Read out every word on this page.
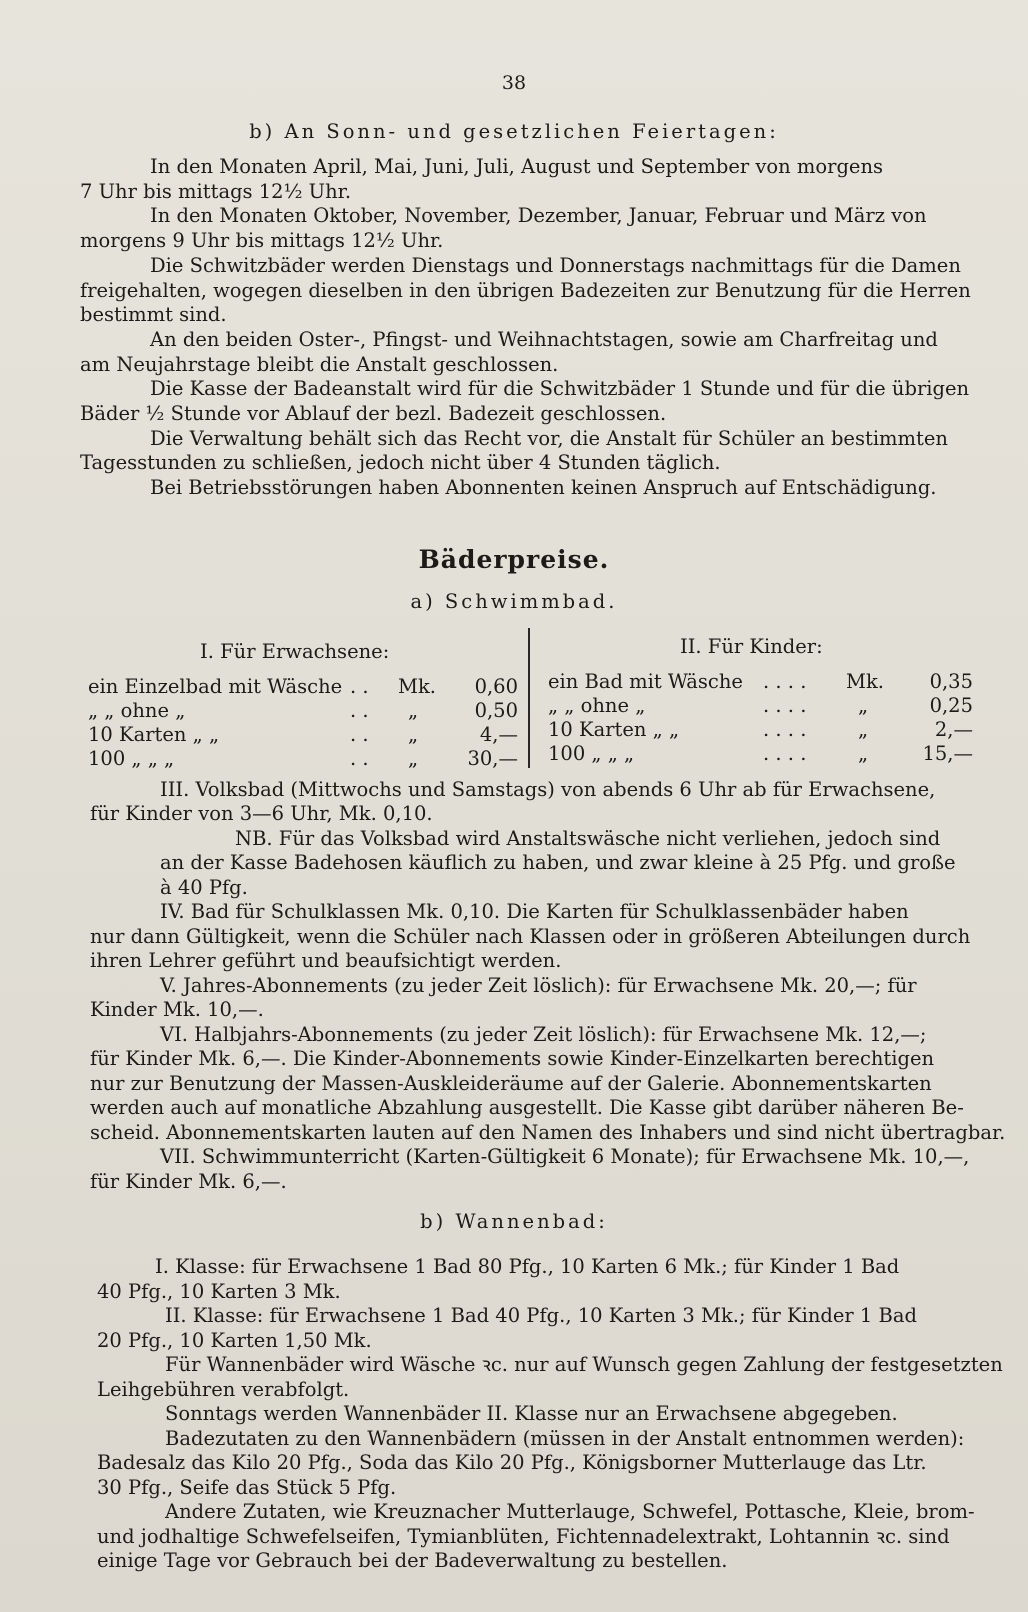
38
b) An Sonn- und gesetzlichen Feiertagen:
In den Monaten April, Mai, Juni, Juli, August und September von morgens
7 Uhr bis mittags 12½ Uhr.
In den Monaten Oktober, November, Dezember, Januar, Februar und März von
morgens 9 Uhr bis mittags 12½ Uhr.
Die Schwitzbäder werden Dienstags und Donnerstags nachmittags für die Damen
freigehalten, wogegen dieselben in den übrigen Badezeiten zur Benutzung für die Herren
bestimmt sind.
An den beiden Oster-, Pfingst- und Weihnachtstagen, sowie am Charfreitag und
am Neujahrstage bleibt die Anstalt geschlossen.
Die Kasse der Badeanstalt wird für die Schwitzbäder 1 Stunde und für die übrigen
Bäder ½ Stunde vor Ablauf der bezl. Badezeit geschlossen.
Die Verwaltung behält sich das Recht vor, die Anstalt für Schüler an bestimmten
Tagesstunden zu schließen, jedoch nicht über 4 Stunden täglich.
Bei Betriebsstörungen haben Abonnenten keinen Anspruch auf Entschädigung.
Bäderpreise.
a) Schwimmbad.
I. Für Erwachsene:	II. Für Kinder:
ein Einzelbad mit Wäsche . . Mk. 0,60
„ „ ohne „	. . „	0,50
10 Karten „ „	. . „	4,—
100 „ „ „	. . „	30,—
ein Bad mit Wäsche . . . . Mk. 0,35
„ „ ohne „	. . . .	„	0,25
10 Karten „ „	. . . .	„	2,—
100 „ „ „	. . . .	„	15,—
III. Volksbad (Mittwochs und Samstags) von abends 6 Uhr ab für Erwachsene,
für Kinder von 3—6 Uhr, Mk. 0,10.
NB. Für das Volksbad wird Anstaltswäsche nicht verliehen, jedoch sind
an der Kasse Badehosen käuflich zu haben, und zwar kleine à 25 Pfg. und große
à 40 Pfg.
IV. Bad für Schulklassen Mk. 0,10. Die Karten für Schulklassenbäder haben
nur dann Gültigkeit, wenn die Schüler nach Klassen oder in größeren Abteilungen durch
ihren Lehrer geführt und beaufsichtigt werden.
V. Jahres-Abonnements (zu jeder Zeit löslich): für Erwachsene Mk. 20,—; für
Kinder Mk. 10,—.
VI. Halbjahrs-Abonnements (zu jeder Zeit löslich): für Erwachsene Mk. 12,—;
für Kinder Mk. 6,—. Die Kinder-Abonnements sowie Kinder-Einzelkarten berechtigen
nur zur Benutzung der Massen-Auskleideräume auf der Galerie. Abonnementskarten
werden auch auf monatliche Abzahlung ausgestellt. Die Kasse gibt darüber näheren Be-
scheid. Abonnementskarten lauten auf den Namen des Inhabers und sind nicht übertragbar.
VII. Schwimmunterricht (Karten-Gültigkeit 6 Monate); für Erwachsene Mk. 10,—,
für Kinder Mk. 6,—.
b) Wannenbad:
I. Klasse: für Erwachsene 1 Bad 80 Pfg., 10 Karten 6 Mk.; für Kinder 1 Bad
40 Pfg., 10 Karten 3 Mk.
II. Klasse: für Erwachsene 1 Bad 40 Pfg., 10 Karten 3 Mk.; für Kinder 1 Bad
20 Pfg., 10 Karten 1,50 Mk.
Für Wannenbäder wird Wäsche ꝛc. nur auf Wunsch gegen Zahlung der festgesetzten
Leihgebühren verabfolgt.
Sonntags werden Wannenbäder II. Klasse nur an Erwachsene abgegeben.
Badezutaten zu den Wannenbädern (müssen in der Anstalt entnommen werden):
Badesalz das Kilo 20 Pfg., Soda das Kilo 20 Pfg., Königsborner Mutterlauge das Ltr.
30 Pfg., Seife das Stück 5 Pfg.
Andere Zutaten, wie Kreuznacher Mutterlauge, Schwefel, Pottasche, Kleie, brom-
und jodhaltige Schwefelseifen, Tymianblüten, Fichtennadelextrakt, Lohtannin ꝛc. sind
einige Tage vor Gebrauch bei der Badeverwaltung zu bestellen.
